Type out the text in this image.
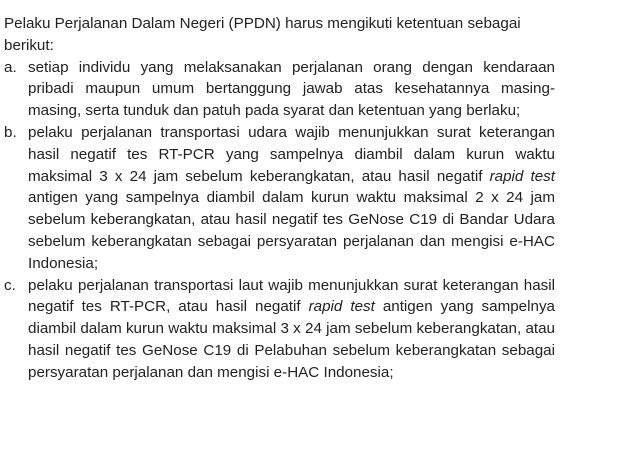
Pelaku Perjalanan Dalam Negeri (PPDN) harus mengikuti ketentuan sebagai berikut:

a. setiap individu yang melaksanakan perjalanan orang dengan kendaraan pribadi maupun umum bertanggung jawab atas kesehatannya masing-masing, serta tunduk dan patuh pada syarat dan ketentuan yang berlaku;
b. pelaku perjalanan transportasi udara wajib menunjukkan surat keterangan hasil negatif tes RT-PCR yang sampelnya diambil dalam kurun waktu maksimal 3 x 24 jam sebelum keberangkatan, atau hasil negatif rapid test antigen yang sampelnya diambil dalam kurun waktu maksimal 2 x 24 jam sebelum keberangkatan, atau hasil negatif tes GeNose C19 di Bandar Udara sebelum keberangkatan sebagai persyaratan perjalanan dan mengisi e-HAC Indonesia;
c. pelaku perjalanan transportasi laut wajib menunjukkan surat keterangan hasil negatif tes RT-PCR, atau hasil negatif rapid test antigen yang sampelnya diambil dalam kurun waktu maksimal 3 x 24 jam sebelum keberangkatan, atau hasil negatif tes GeNose C19 di Pelabuhan sebelum keberangkatan sebagai persyaratan perjalanan dan mengisi e-HAC Indonesia;
